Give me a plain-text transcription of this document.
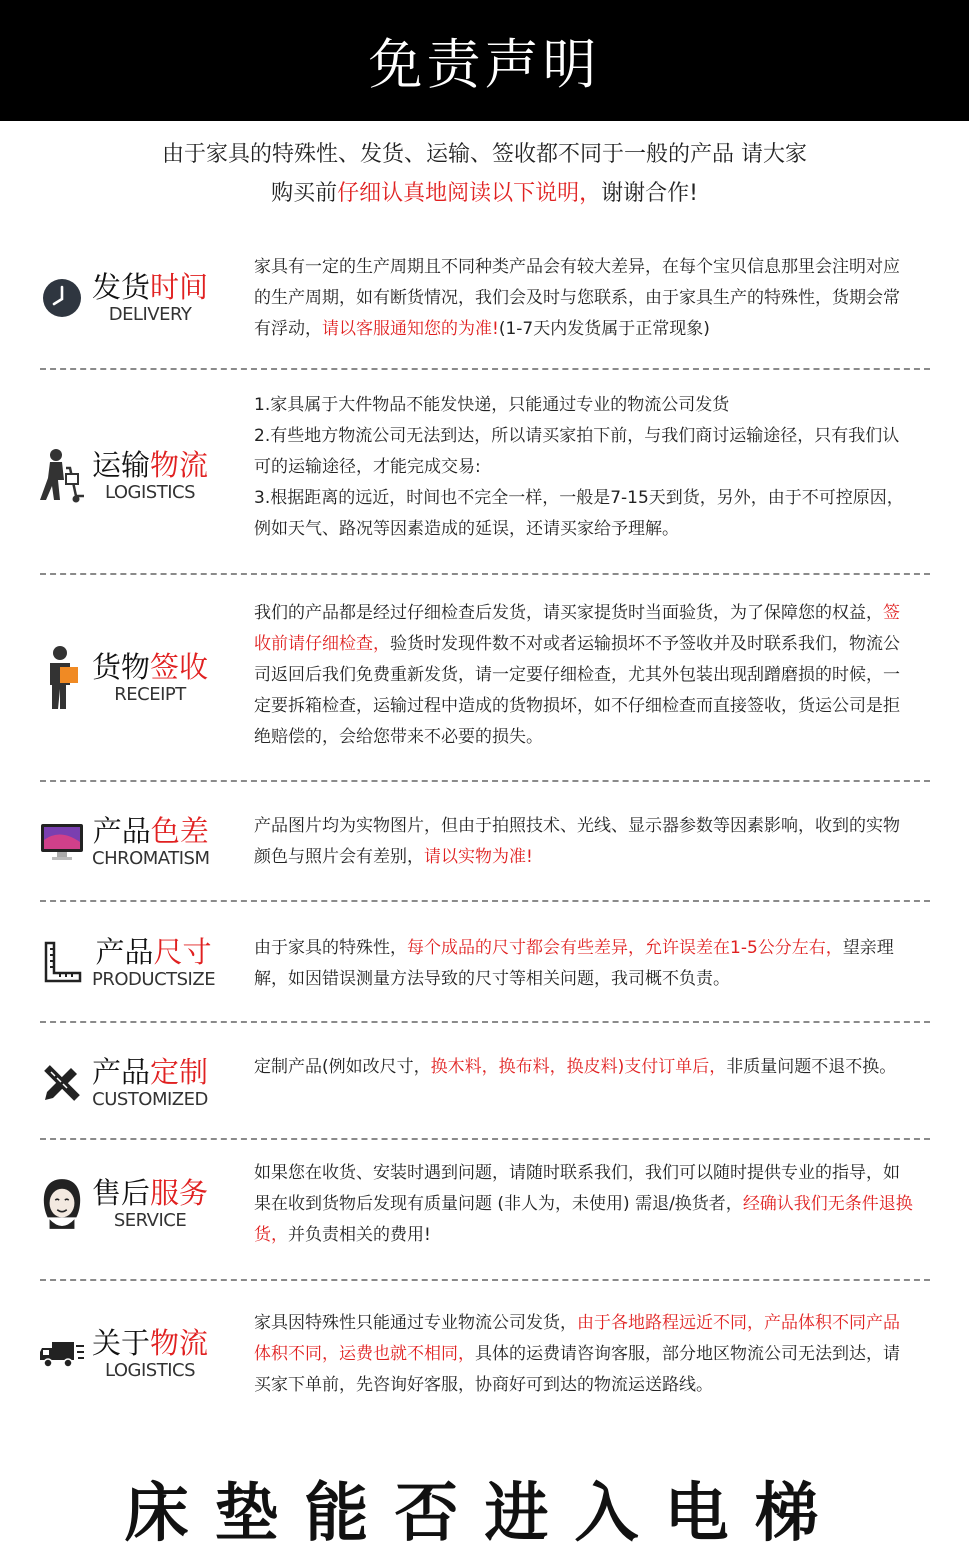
免责声明
由于家具的特殊性、发货、运输、签收都不同于一般的产品 请大家
购买前仔细认真地阅读以下说明，谢谢合作!
发货时间
DELIVERY
家具有一定的生产周期且不同种类产品会有较大差异，在每个宝贝信息那里会注明对应的生产周期，如有断货情况，我们会及时与您联系，由于家具生产的特殊性，货期会常有浮动，请以客服通知您的为准!(1-7天内发货属于正常现象)
运输物流
LOGISTICS

1.家具属于大件物品不能发快递，只能通过专业的物流公司发货

2.有些地方物流公司无法到达，所以请买家拍下前，与我们商讨运输途径，只有我们认可的运输途径，才能完成交易:

3.根据距离的远近，时间也不完全一样，一般是7-15天到货，另外，由于不可控原因，例如天气、路况等因素造成的延误，还请买家给予理解。

货物签收
RECEIPT
我们的产品都是经过仔细检查后发货，请买家提货时当面验货，为了保障您的权益，签收前请仔细检查，验货时发现件数不对或者运输损坏不予签收并及时联系我们，物流公司返回后我们免费重新发货，请一定要仔细检查，尤其外包装出现刮蹭磨损的时候，一定要拆箱检查，运输过程中造成的货物损坏，如不仔细检查而直接签收，货运公司是拒绝赔偿的，会给您带来不必要的损失。
产品色差
CHROMATISM
产品图片均为实物图片，但由于拍照技术、光线、显示器参数等因素影响，收到的实物颜色与照片会有差别，请以实物为准!
产品尺寸
PRODUCTSIZE
由于家具的特殊性，每个成品的尺寸都会有些差异，允许误差在1-5公分左右，望亲理解，如因错误测量方法导致的尺寸等相关问题，我司概不负责。
产品定制
CUSTOMIZED
定制产品(例如改尺寸，换木料，换布料，换皮料)支付订单后，非质量问题不退不换。
售后服务
SERVICE
如果您在收货、安装时遇到问题，请随时联系我们，我们可以随时提供专业的指导，如果在收到货物后发现有质量问题 (非人为，未使用) 需退/换货者，经确认我们无条件退换货，并负责相关的费用!
关于物流
LOGISTICS
家具因特殊性只能通过专业物流公司发货，由于各地路程远近不同，产品体积不同产品体积不同，运费也就不相同，具体的运费请咨询客服，部分地区物流公司无法到达，请买家下单前，先咨询好客服，协商好可到达的物流运送路线。
床垫能否进入电梯
